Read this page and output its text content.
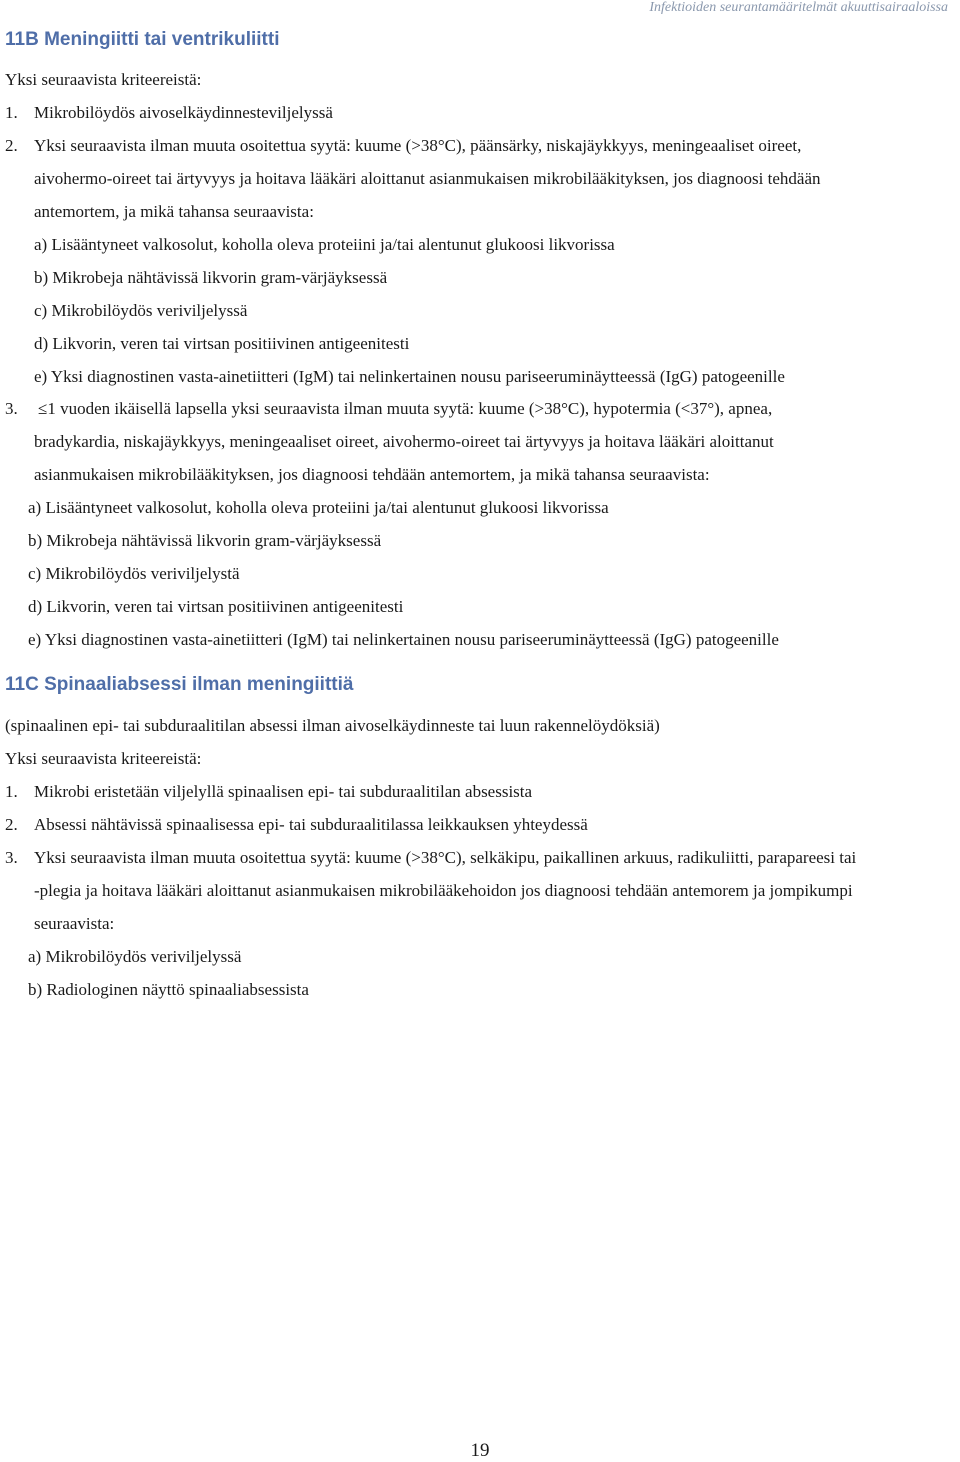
Infektioiden seurantamääritelmät akuuttisairaaloissa
11B Meningiitti tai ventrikuliitti
Yksi seuraavista kriteereistä:
1. Mikrobilöydös aivoselkäydinnesteviljelyssä
2. Yksi seuraavista ilman muuta osoitettua syytä: kuume (>38°C), päänsärky, niskajäykkyys, meningeaaliset oireet,
aivohermo-oireet tai ärtyvyys ja hoitava lääkäri aloittanut asianmukaisen mikrobilääkityksen, jos diagnoosi tehdään
antemortem, ja mikä tahansa seuraavista:
a) Lisääntyneet valkosolut, koholla oleva proteiini ja/tai alentunut glukoosi likvorissa
b) Mikrobeja nähtävissä likvorin gram-värjäyksessä
c) Mikrobilöydös veriviljelyssä
d) Likvorin, veren tai virtsan positiivinen antigeenitesti
e) Yksi diagnostinen vasta-ainetiitteri (IgM) tai nelinkertainen nousu pariseeruminäytteessä (IgG) patogeenille
3. ≤1 vuoden ikäisellä lapsella yksi seuraavista ilman muuta syytä: kuume (>38°C), hypotermia (<37°), apnea,
bradykardia, niskajäykkyys, meningeaaliset oireet, aivohermo-oireet tai ärtyvyys ja hoitava lääkäri aloittanut
asianmukaisen mikrobilääkityksen, jos diagnoosi tehdään antemortem, ja mikä tahansa seuraavista:
a) Lisääntyneet valkosolut, koholla oleva proteiini ja/tai alentunut glukoosi likvorissa
b) Mikrobeja nähtävissä likvorin gram-värjäyksessä
c) Mikrobilöydös veriviljelystä
d) Likvorin, veren tai virtsan positiivinen antigeenitesti
e) Yksi diagnostinen vasta-ainetiitteri (IgM) tai nelinkertainen nousu pariseeruminäytteessä (IgG) patogeenille
11C Spinaaliabsessi ilman meningiittiä
(spinaalinen epi- tai subduraalitilan absessi ilman aivoselkäydinneste tai luun rakennelöydöksiä)
Yksi seuraavista kriteereistä:
1. Mikrobi eristetään viljelyllä spinaalisen epi- tai subduraalitilan absessista
2. Absessi nähtävissä spinaalisessa epi- tai subduraalitilassa leikkauksen yhteydessä
3. Yksi seuraavista ilman muuta osoitettua syytä: kuume (>38°C), selkäkipu, paikallinen arkuus, radikuliitti, parapareesi tai
-plegia ja hoitava lääkäri aloittanut asianmukaisen mikrobilääkehoidon jos diagnoosi tehdään antemorem ja jompikumpi
seuraavista:
a) Mikrobilöydös veriviljelyssä
b) Radiologinen näyttö spinaaliabsessista
19
